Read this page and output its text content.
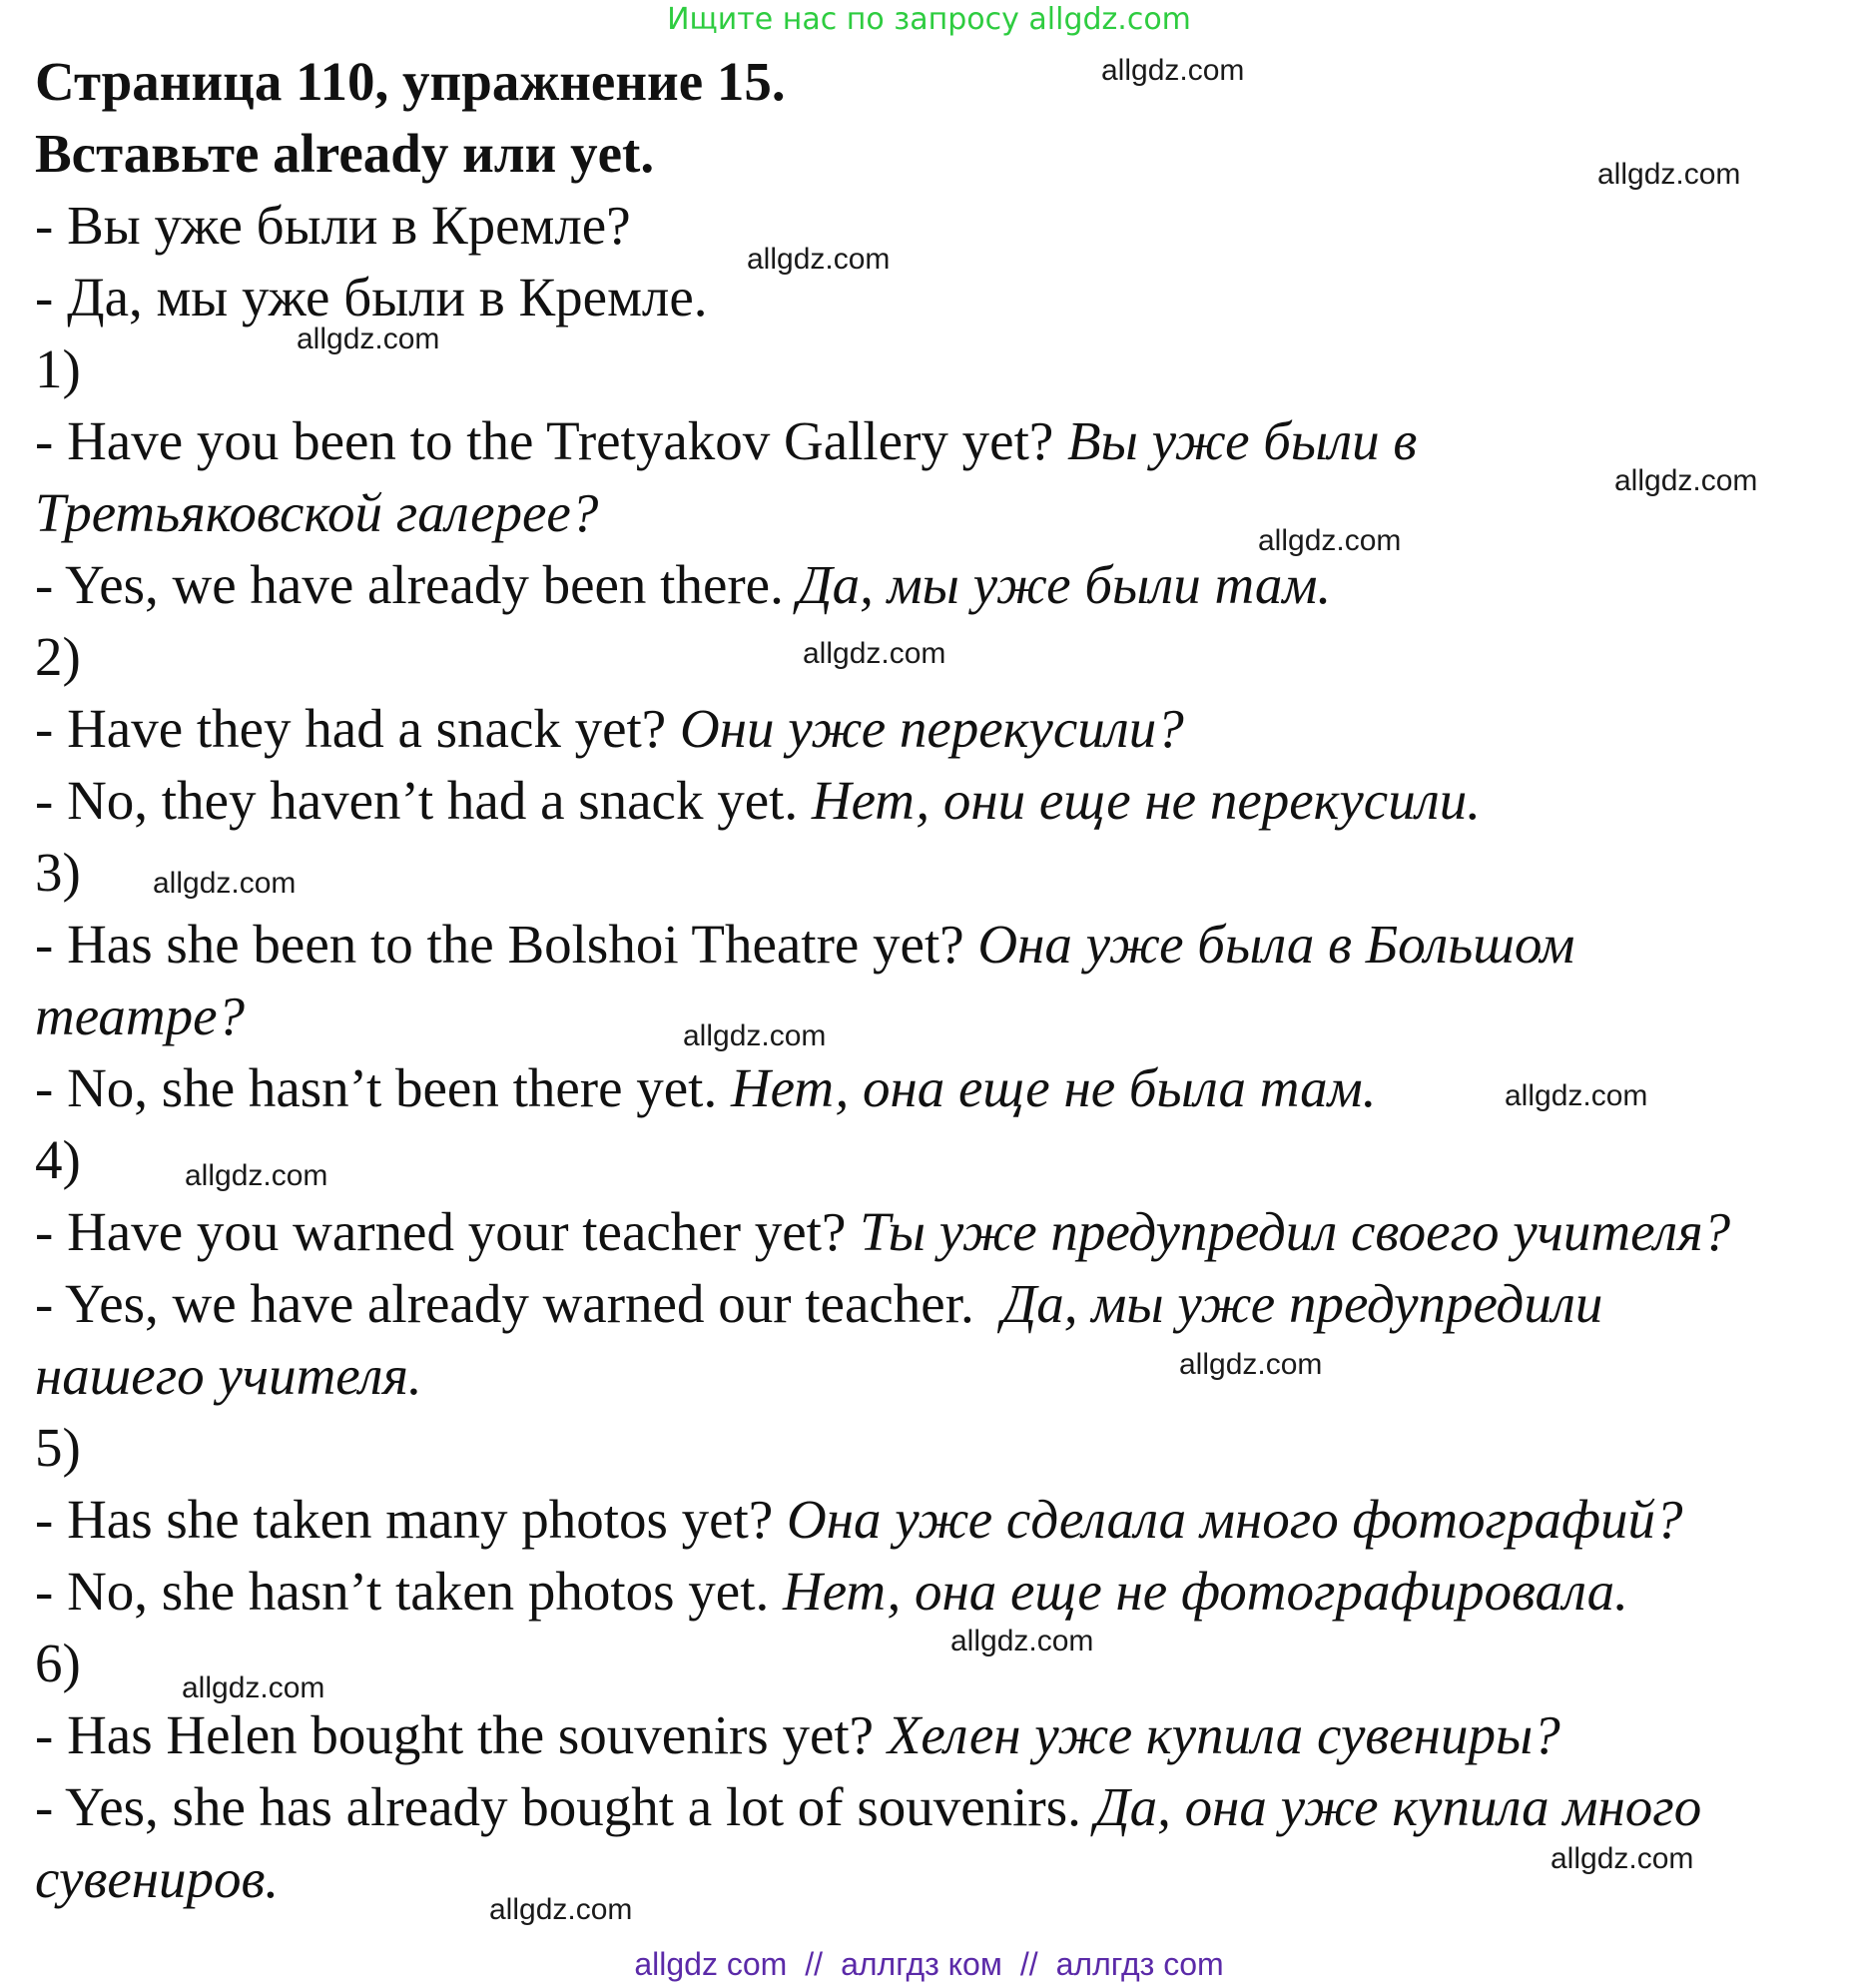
Ищите нас по запросу allgdz.com
Страница 110, упражнение 15.
Вставьте already или yet.
- Вы уже были в Кремле?
- Да, мы уже были в Кремле.
1)
- Have you been to the Tretyakov Gallery yet? Вы уже были в
Третьяковской галерее?
- Yes, we have already been there. Да, мы уже были там.
2)
- Have they had a snack yet? Они уже перекусили?
- No, they haven’t had a snack yet. Нет, они еще не перекусили.
3)
- Has she been to the Bolshoi Theatre yet? Она уже была в Большом
театре?
- No, she hasn’t been there yet. Нет, она еще не была там.
4)
- Have you warned your teacher yet? Ты уже предупредил своего учителя?
- Yes, we have already warned our teacher. Да, мы уже предупредили
нашего учителя.
5)
- Has she taken many photos yet? Она уже сделала много фотографий?
- No, she hasn’t taken photos yet. Нет, она еще не фотографировала.
6)
- Has Helen bought the souvenirs yet? Хелен уже купила сувениры?
- Yes, she has already bought a lot of souvenirs. Да, она уже купила много
сувениров.
allgdz.com
allgdz.com
allgdz.com
allgdz.com
allgdz.com
allgdz.com
allgdz.com
allgdz.com
allgdz.com
allgdz.com
allgdz.com
allgdz.com
allgdz.com
allgdz.com
allgdz.com
allgdz.com
allgdz com // аллгдз ком // аллгдз com
